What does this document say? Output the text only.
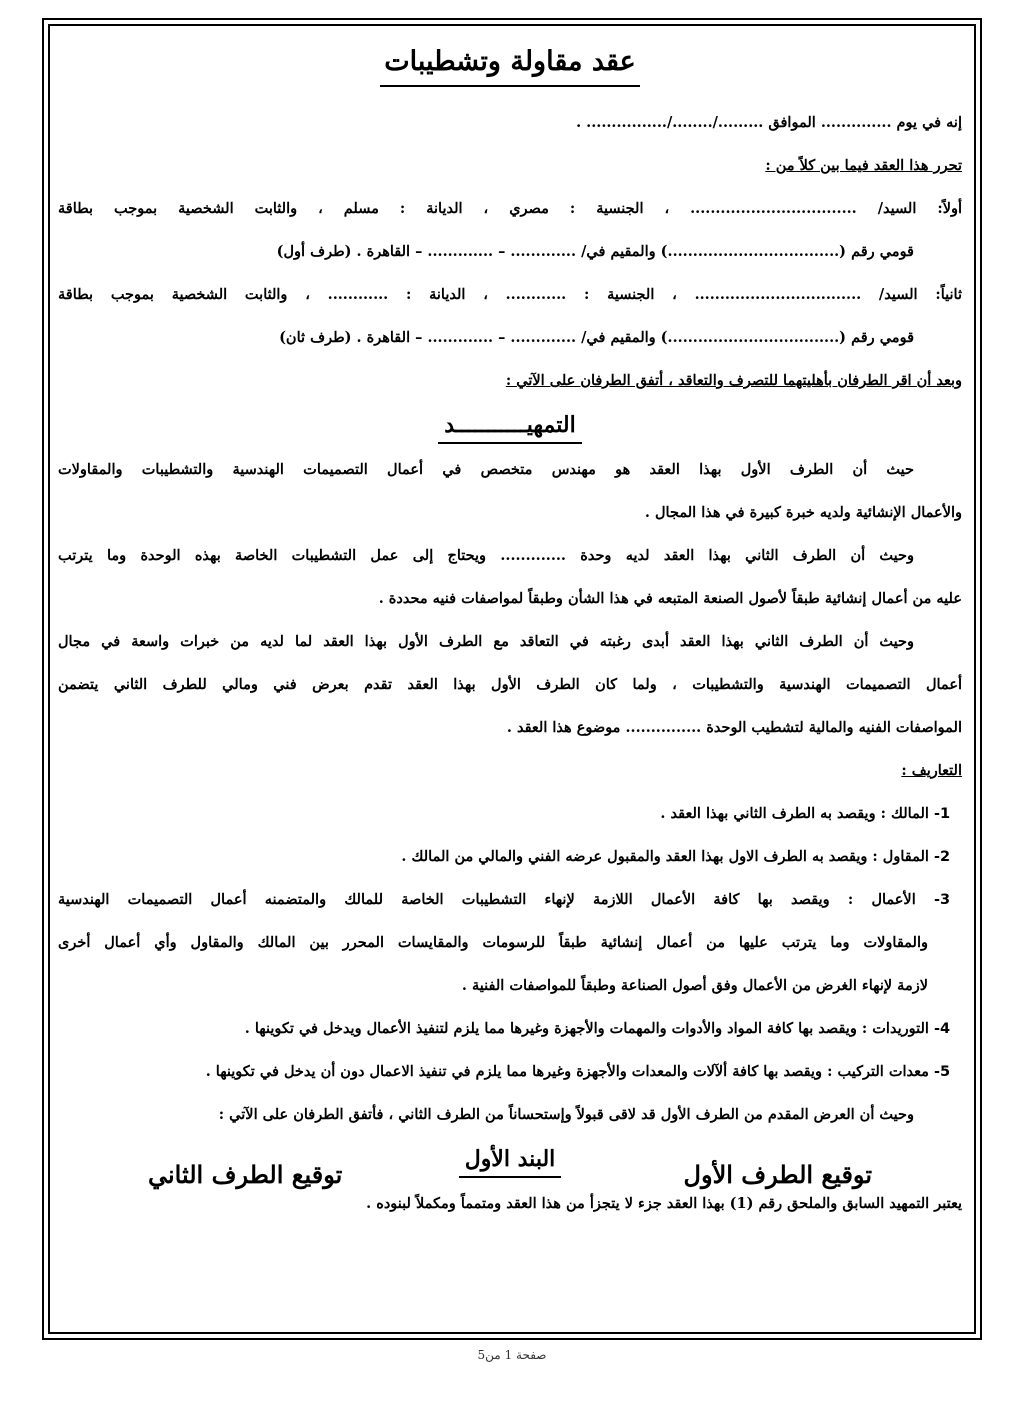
عقد مقاولة وتشطيبات
إنه في يوم .............. الموافق ........./......../................ .
تحرر هذا العقد فيما بين كلاً من :
أولاً: السيد/ ................................. ، الجنسية : مصري ، الديانة : مسلم ، والثابت الشخصية بموجب بطاقة
قومي رقم (..................................) والمقيم في/ ............. – ............. – القاهرة . (طرف أول)
ثانياً: السيد/ ................................. ، الجنسية : ............ ، الديانة : ............ ، والثابت الشخصية بموجب بطاقة
قومي رقم (..................................) والمقيم في/ ............. – ............. – القاهرة . (طرف ثان)
وبعد أن اقر الطرفان بأهليتهما للتصرف والتعاقد ، أتفق الطرفان على الآتي :
التمهيـــــــــــد
حيث أن الطرف الأول بهذا العقد هو مهندس متخصص في أعمال التصميمات الهندسية والتشطيبات والمقاولات
والأعمال الإنشائية ولديه خبرة كبيرة في هذا المجال .
وحيث أن الطرف الثاني بهذا العقد لديه وحدة ............. ويحتاج إلى عمل التشطيبات الخاصة بهذه الوحدة وما يترتب
عليه من أعمال إنشائية طبقاً لأصول الصنعة المتبعه في هذا الشأن وطبقاً لمواصفات فنيه محددة .
وحيث أن الطرف الثاني بهذا العقد أبدى رغبته في التعاقد مع الطرف الأول بهذا العقد لما لديه من خبرات واسعة في مجال
أعمال التصميمات الهندسية والتشطيبات ، ولما كان الطرف الأول بهذا العقد تقدم بعرض فني ومالي للطرف الثاني يتضمن
المواصفات الفنيه والمالية لتشطيب الوحدة ............... موضوع هذا العقد .
التعاريف :
-1 المالك : ويقصد به الطرف الثاني بهذا العقد .
-2 المقاول : ويقصد به الطرف الاول بهذا العقد والمقبول عرضه الفني والمالي من المالك .
-3 الأعمال : ويقصد بها كافة الأعمال اللازمة لإنهاء التشطيبات الخاصة للمالك والمتضمنه أعمال التصميمات الهندسية
والمقاولات وما يترتب عليها من أعمال إنشائية طبقاً للرسومات والمقايسات المحرر بين المالك والمقاول وأي أعمال أخرى
لازمة لإنهاء الغرض من الأعمال وفق أصول الصناعة وطبقاً للمواصفات الفنية .
-4 التوريدات : ويقصد بها كافة المواد والأدوات والمهمات والأجهزة وغيرها مما يلزم لتنفيذ الأعمال ويدخل في تكوينها .
-5 معدات التركيب : ويقصد بها كافة ألآلات والمعدات والأجهزة وغيرها مما يلزم في تنفيذ الاعمال دون أن يدخل في تكوينها .
وحيث أن العرض المقدم من الطرف الأول قد لاقى قبولاً وإستحساناً من الطرف الثاني ، فأتفق الطرفان على الآتي :
البند الأول
يعتبر التمهيد السابق والملحق رقم (1) بهذا العقد جزء لا يتجزأ من هذا العقد ومتمماً ومكملاً لبنوده .
توقيع الطرف الأول
توقيع الطرف الثاني
صفحة 1 من5
